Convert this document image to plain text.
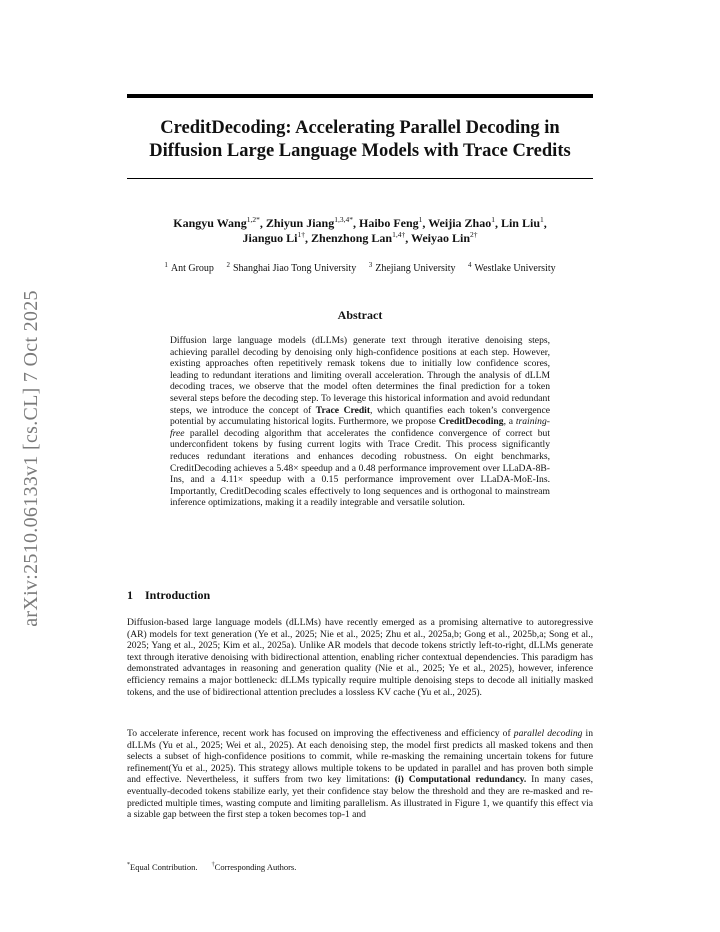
arXiv:2510.06133v1 [cs.CL] 7 Oct 2025
CreditDecoding: Accelerating Parallel Decoding in
Diffusion Large Language Models with Trace Credits
Kangyu Wang$^{1,2*}$, Zhiyun Jiang$^{1,3,4*}$, Haibo Feng$^1$, Weijia Zhao$^1$, Lin Liu$^1$,
Jianguo $Li^{1\dagger}$, Zhenzhong Lan$^{1,4\dagger}$, Weiyao Lin$^{2\dagger}$
$^1$ Ant Group $^2$ Shanghai Jiao Tong University $^3$ Zhejiang University $^4$ Westlake University
Abstract

Diffusion large language models (dLLMs) generate text through iterative denoising steps, achieving parallel decoding by denoising only high-confidence positions at each step. However, existing approaches often repetitively remask tokens due to initially low confidence scores, leading to redundant iterations and limiting overall acceleration. Through the analysis of dLLM decoding traces, we observe that the model often determines the final prediction for a token several steps before the decoding step. To leverage this historical information and avoid redundant steps, we introduce the concept of Trace Credit, which quantifies each token’s convergence potential by accumulating historical logits. Furthermore, we propose CreditDecoding, a training-free parallel decoding algorithm that accelerates the confidence convergence of correct but underconfident tokens by fusing current logits with Trace Credit. This process significantly reduces redundant iterations and enhances decoding robustness. On eight benchmarks, CreditDecoding achieves a 5.48× speedup and a 0.48 performance improvement over LLaDA-8B-Ins, and a 4.11× speedup with a 0.15 performance improvement over LLaDA-MoE-Ins. Importantly, CreditDecoding scales effectively to long sequences and is orthogonal to mainstream inference optimizations, making it a readily integrable and versatile solution.

1 Introduction

Diffusion-based large language models (dLLMs) have recently emerged as a promising alternative to autoregressive (AR) models for text generation (Ye et al., 2025; Nie et al., 2025; Zhu et al., 2025a,b; Gong et al., 2025b,a; Song et al., 2025; Yang et al., 2025; Kim et al., 2025a). Unlike AR models that decode tokens strictly left-to-right, dLLMs generate text through iterative denoising with bidirectional attention, enabling richer contextual dependencies. This paradigm has demonstrated advantages in reasoning and generation quality (Nie et al., 2025; Ye et al., 2025), however, inference efficiency remains a major bottleneck: dLLMs typically require multiple denoising steps to decode all initially masked tokens, and the use of bidirectional attention precludes a lossless KV cache (Yu et al., 2025).

To accelerate inference, recent work has focused on improving the effectiveness and efficiency of parallel decoding in dLLMs (Yu et al., 2025; Wei et al., 2025). At each denoising step, the model first predicts all masked tokens and then selects a subset of high-confidence positions to commit, while re-masking the remaining uncertain tokens for future refinement(Yu et al., 2025). This strategy allows multiple tokens to be updated in parallel and has proven both simple and effective. Nevertheless, it suffers from two key limitations: (i) Computational redundancy. In many cases, eventually-decoded tokens stabilize early, yet their confidence stay below the threshold and they are re-masked and re-predicted multiple times, wasting compute and limiting parallelism. As illustrated in Figure 1, we quantify this effect via a sizable gap between the first step a token becomes top-1 and

*Equal Contribution. †Corresponding Authors.
